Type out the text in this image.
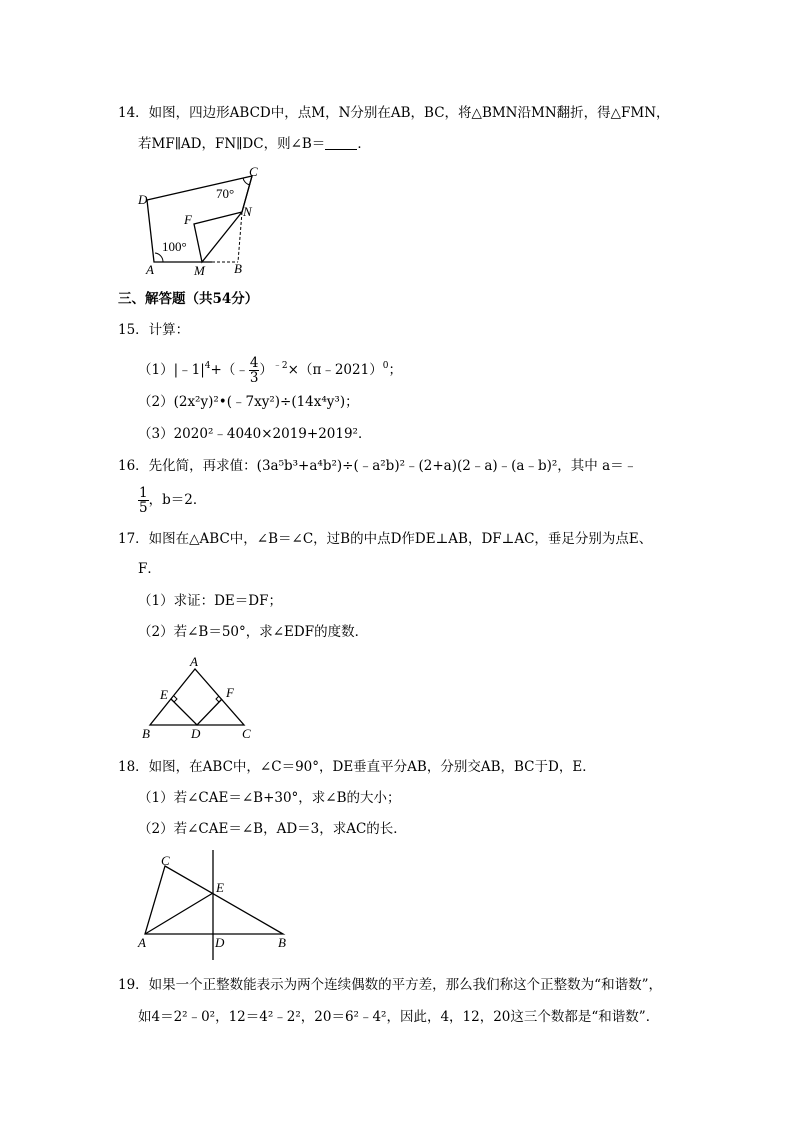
14．如图，四边形ABCD中，点M，N分别在AB，BC，将△BMN沿MN翻折，得△FMN，
若MF∥AD，FN∥DC，则∠B＝ ．
C
D
F
N
A	M B
70°
100°
三、解答题（共54分）
15．计算：
$(1)|﹣1|^4+(﹣ \frac{4}{3}$ ）$^{﹣2}$×（π﹣2021）$^0$；
（2）(2x²y)²•(﹣7xy²)÷(14x⁴y³)；
（3）2020²﹣4040×2019+2019²．
16．先化简，再求值：(3a⁵b³+a⁴b²)÷(﹣a²b)²﹣(2+a)(2﹣a)﹣(a﹣b)²，其中 a＝﹣
$\frac{1}{5}$ ，b＝2．
17．如图在△ABC中，∠B＝∠C，过B的中点D作DE⊥AB，DF⊥AC，垂足分别为点E、
F．
（1）求证：DE＝DF；
（2）若∠B＝50°，求∠EDF的度数．
A
E	F
B	D	C
18．如图，在ABC中，∠C＝90°，DE垂直平分AB，分别交AB，BC于D，E．
（1）若∠CAE＝∠B+30°，求∠B的大小；
（2）若∠CAE＝∠B，AD＝3，求AC的长．
C
E
A	D	B
19．如果一个正整数能表示为两个连续偶数的平方差，那么我们称这个正整数为“和谐数”，
如4＝2²﹣0²，12＝4²﹣2²，20＝6²﹣4²，因此，4，12，20这三个数都是“和谐数”．
